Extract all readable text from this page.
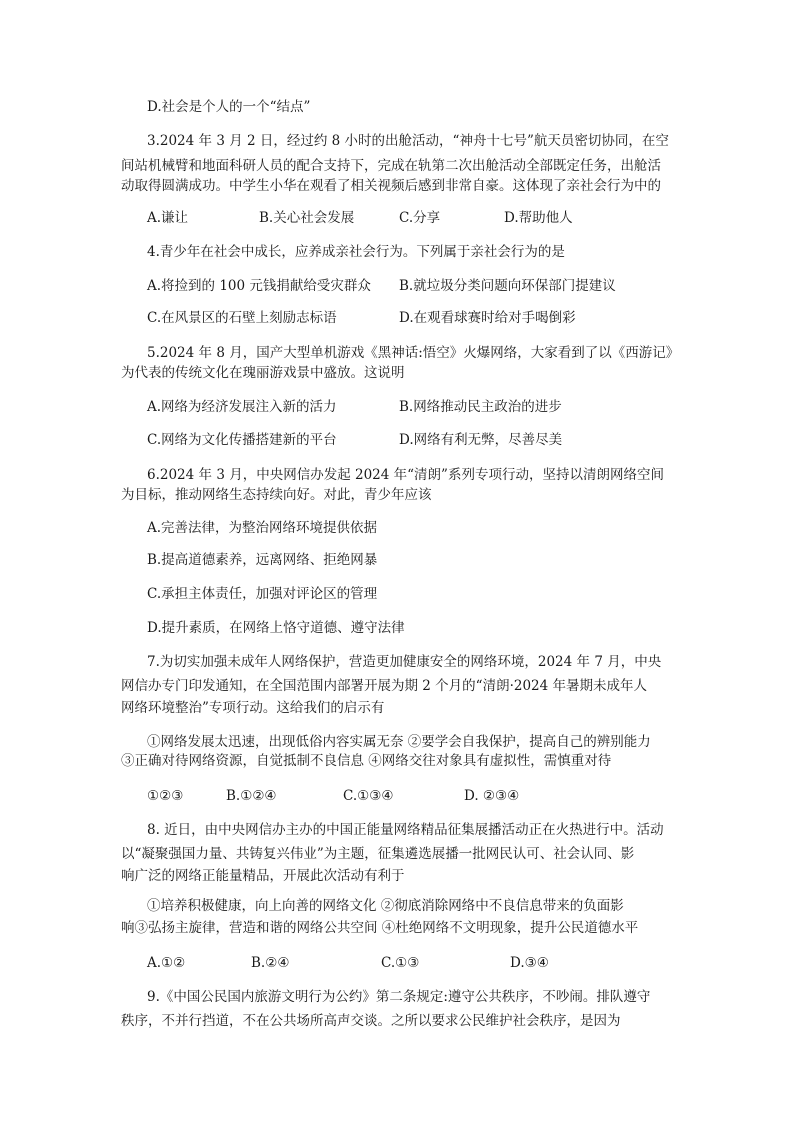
D.社会是个人的一个“结点”
3.2024 年 3 月 2 日，经过约 8 小时的出舱活动，“神舟十七号”航天员密切协同，在空
间站机械臂和地面科研人员的配合支持下，完成在轨第二次出舱活动全部既定任务，出舱活
动取得圆满成功。中学生小华在观看了相关视频后感到非常自豪。这体现了亲社会行为中的
A.谦让	B.关心社会发展	C.分享	D.帮助他人
4.青少年在社会中成长，应养成亲社会行为。下列属于亲社会行为的是
A.将捡到的 100 元钱捐献给受灾群众 B.就垃圾分类问题向环保部门提建议
C.在风景区的石壁上刻励志标语	D.在观看球赛时给对手喝倒彩
5.2024 年 8 月，国产大型单机游戏《黑神话:悟空》火爆网络，大家看到了以《西游记》
为代表的传统文化在瑰丽游戏景中盛放。这说明
A.网络为经济发展注入新的活力	B.网络推动民主政治的进步
C.网络为文化传播搭建新的平台	D.网络有利无弊，尽善尽美
6.2024 年 3 月，中央网信办发起 2024 年“清朗”系列专项行动，坚持以清朗网络空间
为目标，推动网络生态持续向好。对此，青少年应该
A.完善法律，为整治网络环境提供依据
B.提高道德素养，远离网络、拒绝网暴
C.承担主体责任，加强对评论区的管理
D.提升素质，在网络上恪守道德、遵守法律
7.为切实加强未成年人网络保护，营造更加健康安全的网络环境，2024 年 7 月，中央
网信办专门印发通知，在全国范围内部署开展为期 2 个月的“清朗·2024 年暑期未成年人
网络环境整治”专项行动。这给我们的启示有
①网络发展太迅速，出现低俗内容实属无奈 ②要学会自我保护，提高自己的辨别能力
③正确对待网络资源，自觉抵制不良信息 ④网络交往对象具有虚拟性，需慎重对待
①②③	B.①②④	C.①③④	D. ②③④
8. 近日，由中央网信办主办的中国正能量网络精品征集展播活动正在火热进行中。活动
以“凝聚强国力量、共铸复兴伟业”为主题，征集遴选展播一批网民认可、社会认同、影
响广泛的网络正能量精品，开展此次活动有利于
①培养积极健康，向上向善的网络文化 ②彻底消除网络中不良信息带来的负面影
响③弘扬主旋律，营造和谐的网络公共空间 ④杜绝网络不文明现象，提升公民道德水平
A.①②	B.②④	C.①③	D.③④
9.《中国公民国内旅游文明行为公约》第二条规定:遵守公共秩序，不吵闹。排队遵守
秩序，不并行挡道，不在公共场所高声交谈。之所以要求公民维护社会秩序，是因为
